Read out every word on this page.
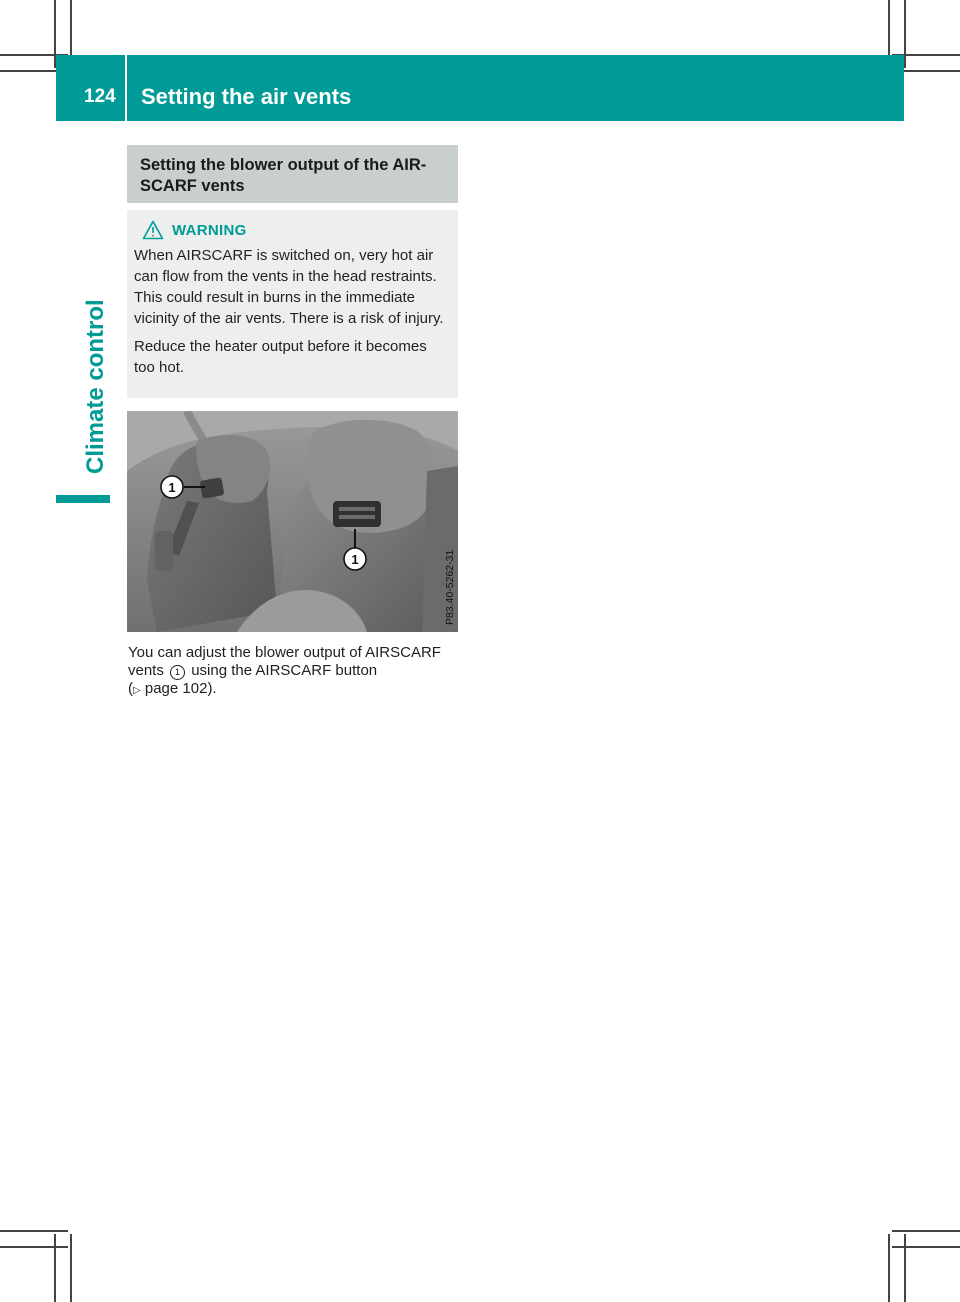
124 Setting the air vents
Climate control
Setting the blower output of the AIR-SCARF vents
WARNING

When AIRSCARF is switched on, very hot air can flow from the vents in the head restraints. This could result in burns in the immediate vicinity of the air vents. There is a risk of injury.

Reduce the heater output before it becomes too hot.

1
1	P83.40-5262-31
You can adjust the blower output of AIRSCARF vents 1 using the AIRSCARF button
(▷ page 102).
